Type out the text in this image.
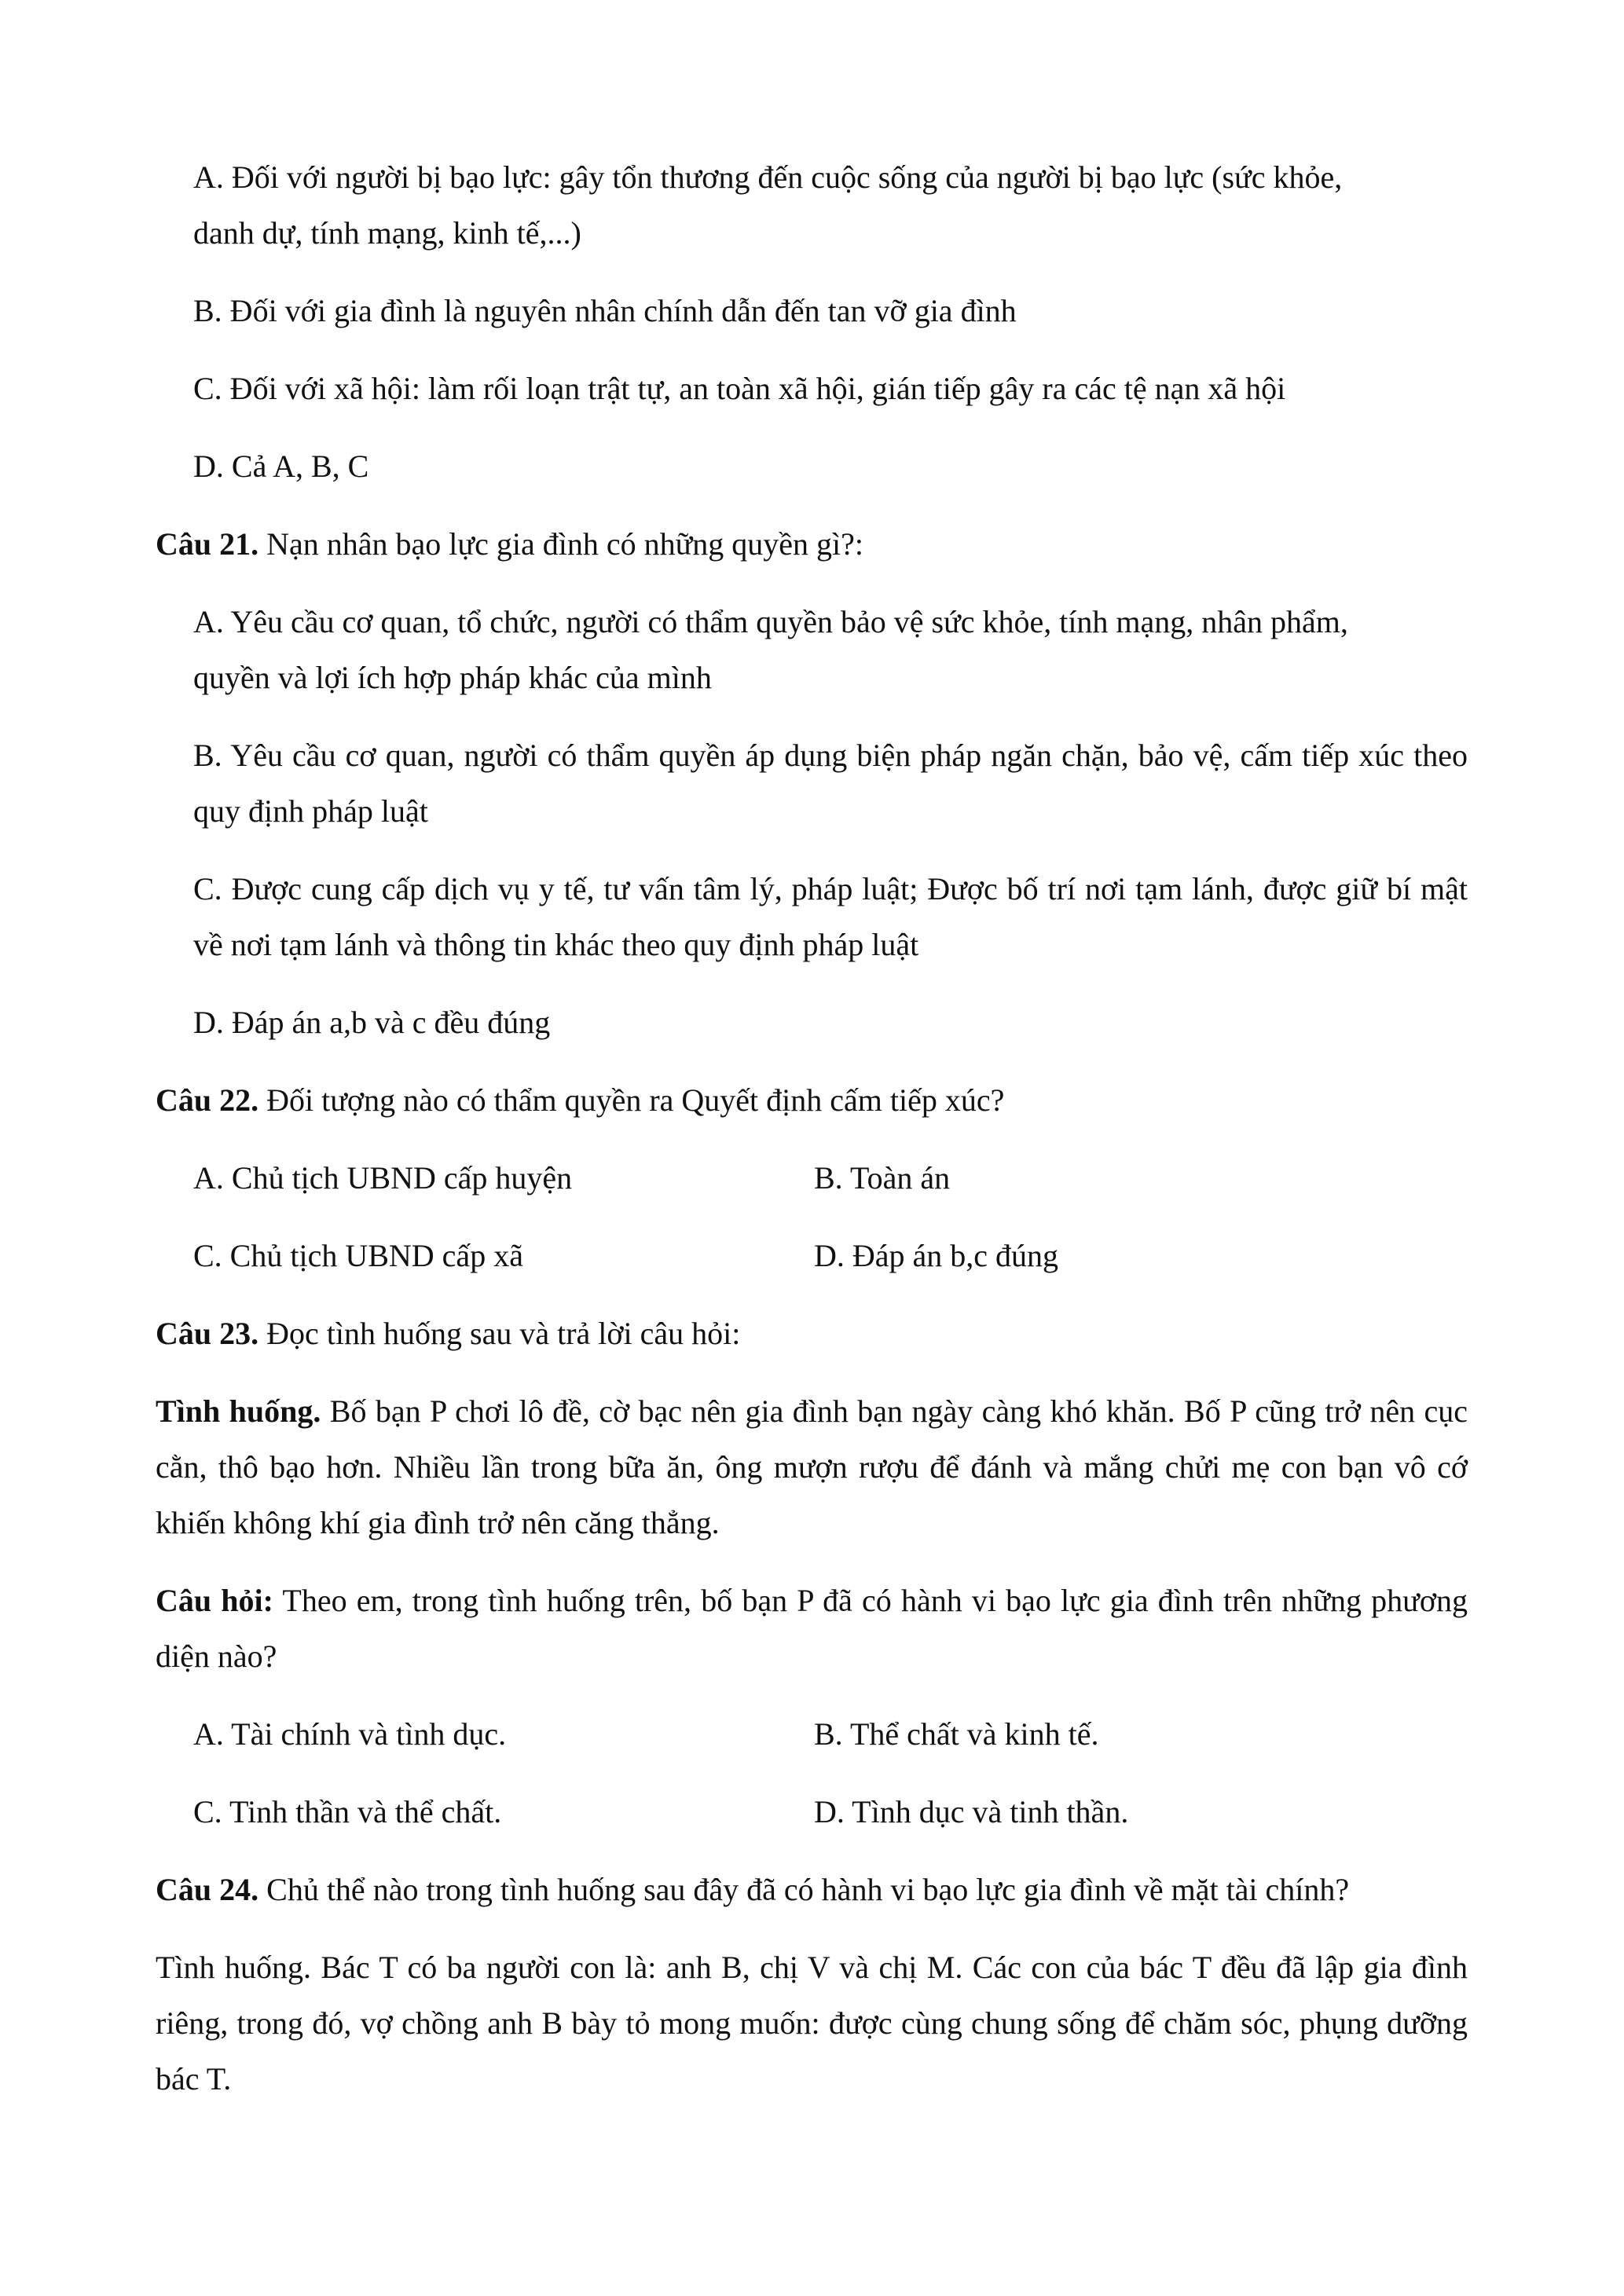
A. Đối với người bị bạo lực: gây tổn thương đến cuộc sống của người bị bạo lực (sức khỏe, danh dự, tính mạng, kinh tế,...)

B. Đối với gia đình là nguyên nhân chính dẫn đến tan vỡ gia đình

C. Đối với xã hội: làm rối loạn trật tự, an toàn xã hội, gián tiếp gây ra các tệ nạn xã hội

D. Cả A, B, C

Câu 21. Nạn nhân bạo lực gia đình có những quyền gì?:

A. Yêu cầu cơ quan, tổ chức, người có thẩm quyền bảo vệ sức khỏe, tính mạng, nhân phẩm, quyền và lợi ích hợp pháp khác của mình

B. Yêu cầu cơ quan, người có thẩm quyền áp dụng biện pháp ngăn chặn, bảo vệ, cấm tiếp xúc theo quy định pháp luật

C. Được cung cấp dịch vụ y tế, tư vấn tâm lý, pháp luật; Được bố trí nơi tạm lánh, được giữ bí mật về nơi tạm lánh và thông tin khác theo quy định pháp luật

D. Đáp án a,b và c đều đúng

Câu 22. Đối tượng nào có thẩm quyền ra Quyết định cấm tiếp xúc?

A. Chủ tịch UBND cấp huyện	B. Toàn án
C. Chủ tịch UBND cấp xã	D. Đáp án b,c đúng

Câu 23. Đọc tình huống sau và trả lời câu hỏi:

Tình huống. Bố bạn P chơi lô đề, cờ bạc nên gia đình bạn ngày càng khó khăn. Bố P cũng trở nên cục cằn, thô bạo hơn. Nhiều lần trong bữa ăn, ông mượn rượu để đánh và mắng chửi mẹ con bạn vô cớ khiến không khí gia đình trở nên căng thẳng.

Câu hỏi: Theo em, trong tình huống trên, bố bạn P đã có hành vi bạo lực gia đình trên những phương diện nào?

A. Tài chính và tình dục.	B. Thể chất và kinh tế.
C. Tinh thần và thể chất.	D. Tình dục và tinh thần.

Câu 24. Chủ thể nào trong tình huống sau đây đã có hành vi bạo lực gia đình về mặt tài chính?

Tình huống. Bác T có ba người con là: anh B, chị V và chị M. Các con của bác T đều đã lập gia đình riêng, trong đó, vợ chồng anh B bày tỏ mong muốn: được cùng chung sống để chăm sóc, phụng dưỡng bác T.
